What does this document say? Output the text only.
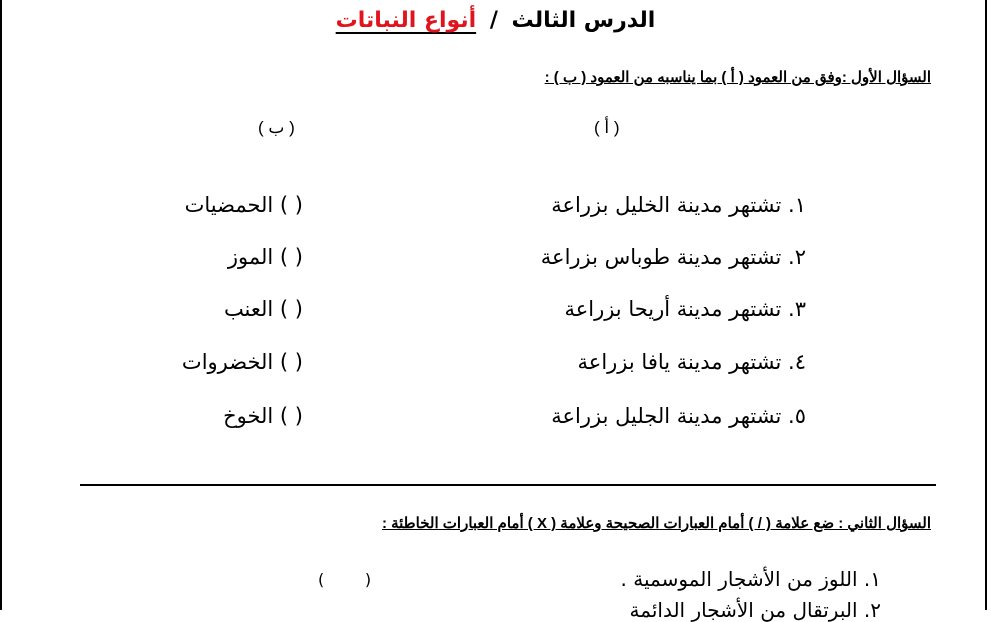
الدرس الثالث / أنواع النباتات
السؤال الأول :وفق من العمود ( أ ) بما يناسبه من العمود ( ب ) :
( أ )
( ب )
١. تشتهر مدينة الخليل بزراعة
( ) الحمضيات
٢. تشتهر مدينة طوباس بزراعة
( ) الموز
٣. تشتهر مدينة أريحا بزراعة
( ) العنب
٤. تشتهر مدينة يافا بزراعة
( ) الخضروات
٥. تشتهر مدينة الجليل بزراعة
( ) الخوخ
السؤال الثاني : ضع علامة ( / ) أمام العبارات الصحيحة وعلامة ( X ) أمام العبارات الخاطئة :
١. اللوز من الأشجار الموسمية .
(        )
٢. البرتقال من الأشجار الدائمة
